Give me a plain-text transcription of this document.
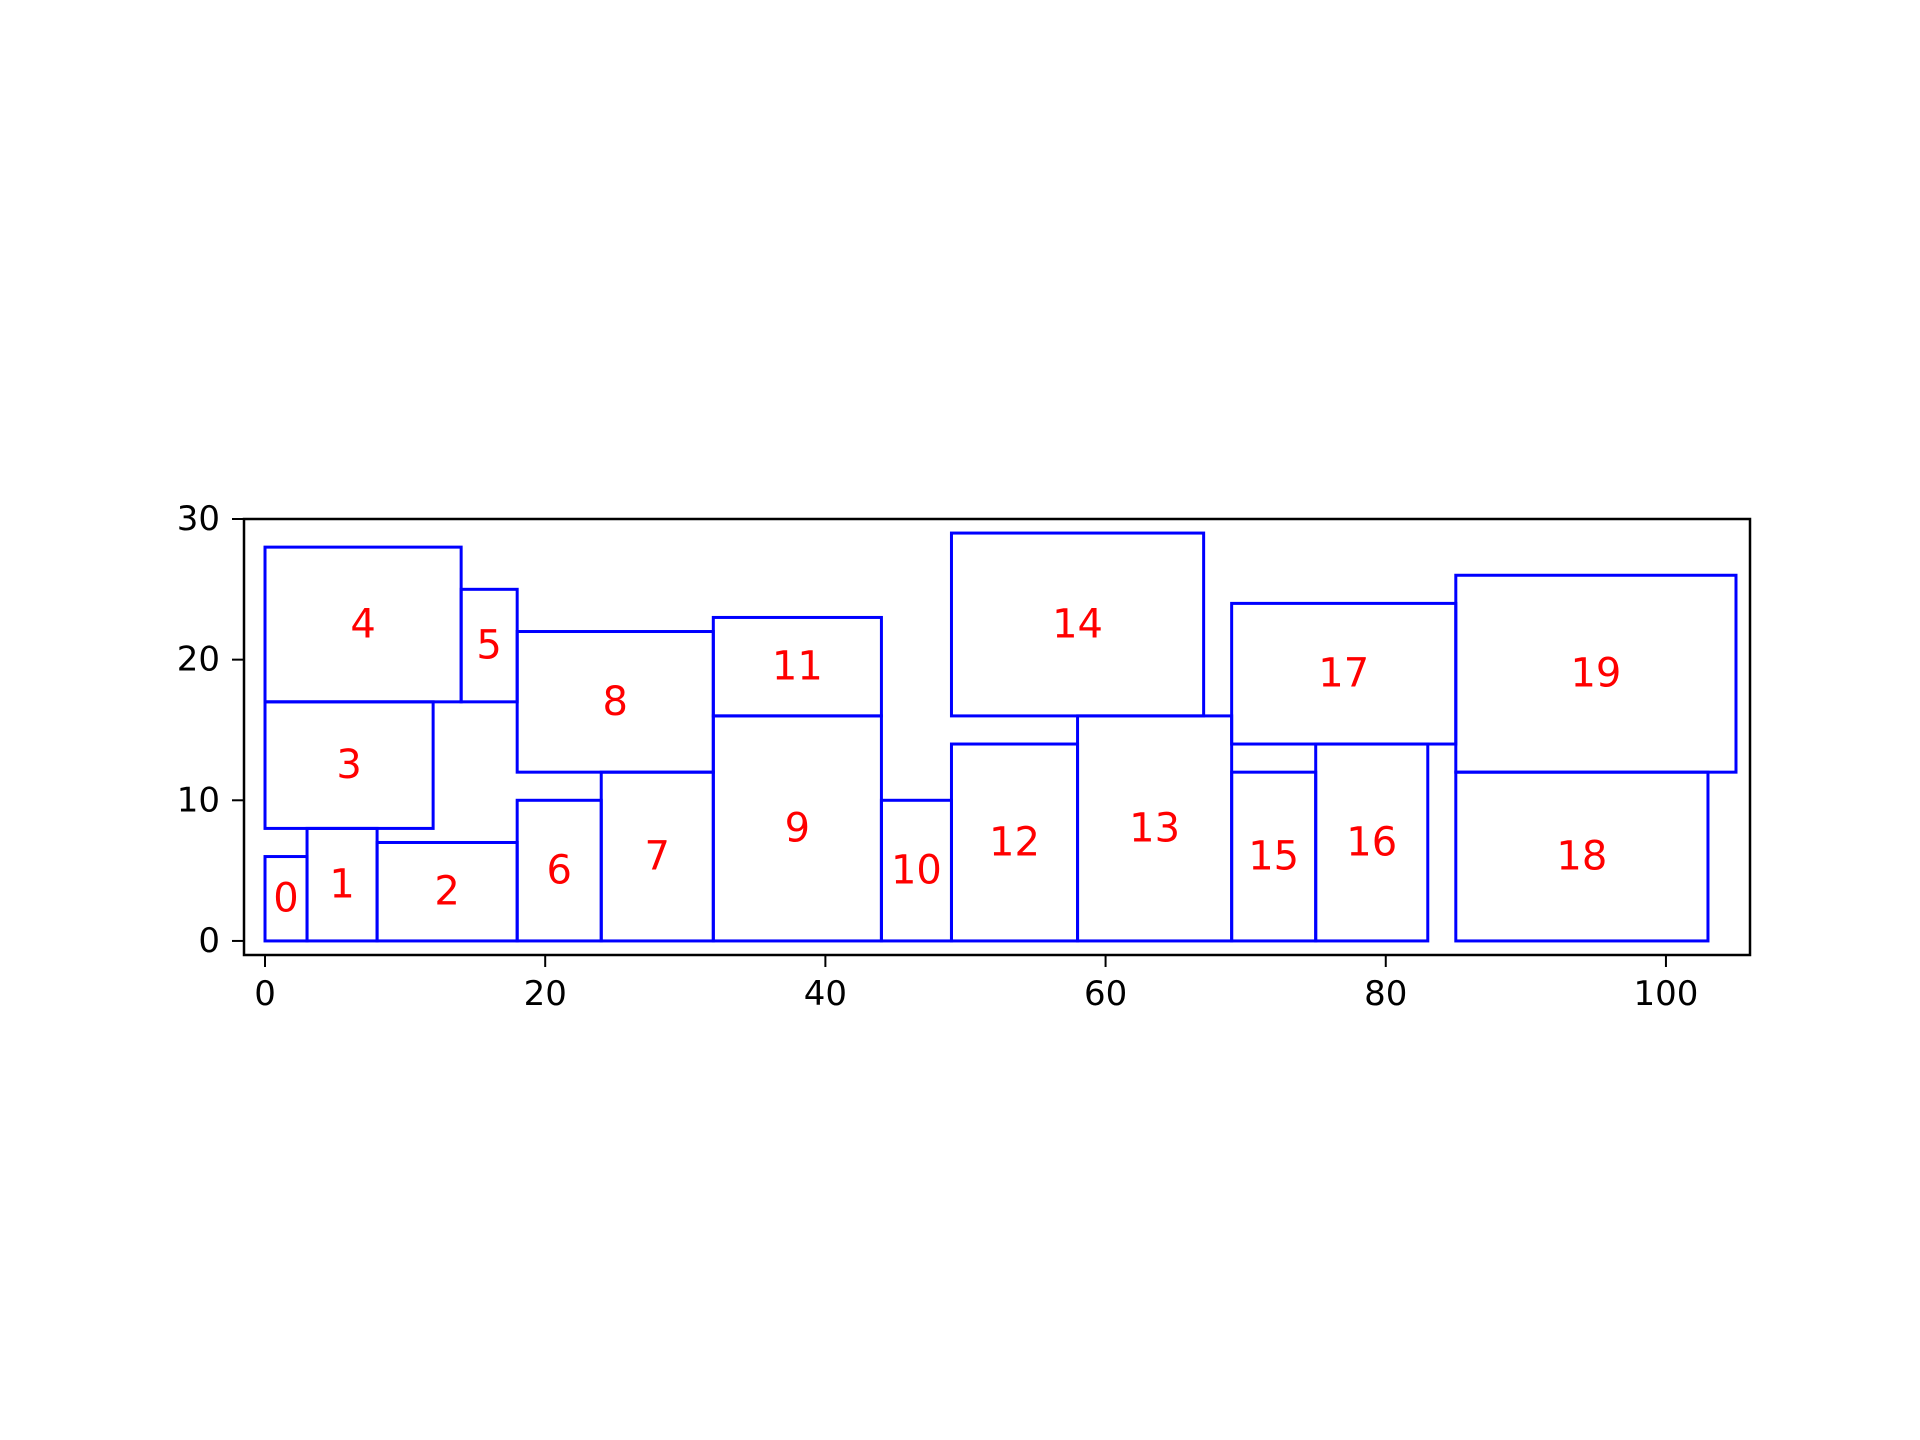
0 1 2
3
4	5
6 7
8
9
10
11
12 13
14
15 16
17
18
19
0	20	40	60	80	100
0
10
20
30
